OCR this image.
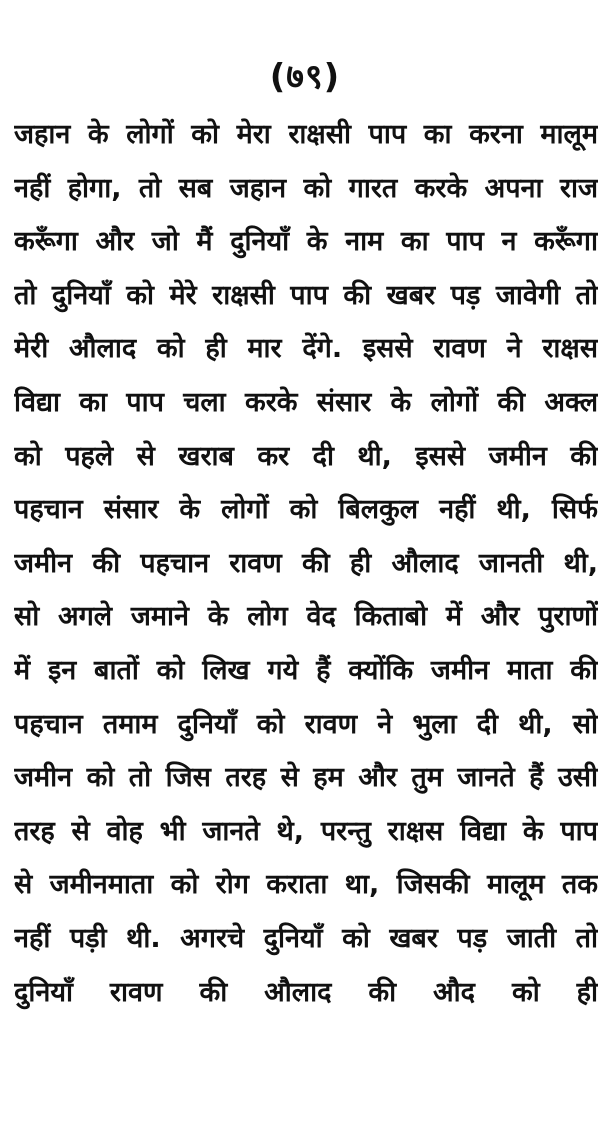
(७९)
जहान के लोगों को मेरा राक्षसी पाप का करना मालूम
नहीं होगा, तो सब जहान को गारत करके अपना राज
करूँगा और जो मैं दुनियाँ के नाम का पाप न करूँगा
तो दुनियाँ को मेरे राक्षसी पाप की खबर पड़ जावेगी तो
मेरी औलाद को ही मार देंगे. इससे रावण ने राक्षस
विद्या का पाप चला करके संसार के लोगों की अक्ल
को पहले से खराब कर दी थी, इससे जमीन की
पहचान संसार के लोगों को बिलकुल नहीं थी, सिर्फ
जमीन की पहचान रावण की ही औलाद जानती थी,
सो अगले जमाने के लोग वेद किताबो में और पुराणों
में इन बातों को लिख गये हैं क्योंकि जमीन माता की
पहचान तमाम दुनियाँ को रावण ने भुला दी थी, सो
जमीन को तो जिस तरह से हम और तुम जानते हैं उसी
तरह से वोह भी जानते थे, परन्तु राक्षस विद्या के पाप
से जमीनमाता को रोग कराता था, जिसकी मालूम तक
नहीं पड़ी थी. अगरचे दुनियाँ को खबर पड़ जाती तो
दुनियाँ रावण की औलाद की औद को ही
